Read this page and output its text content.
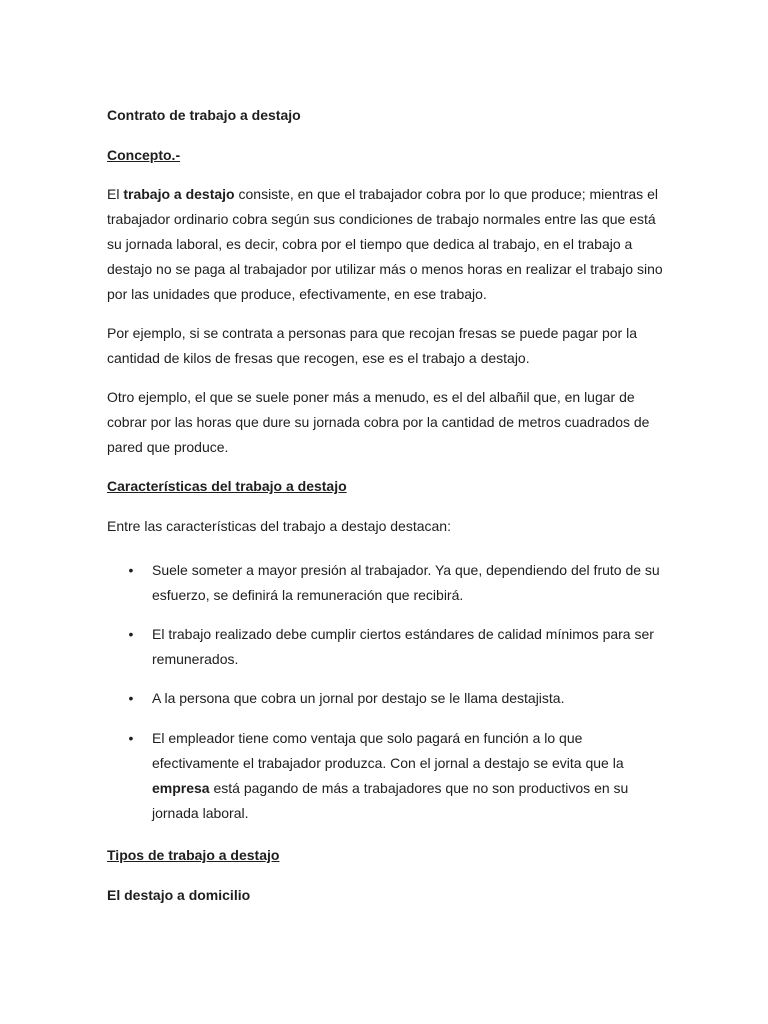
Contrato de trabajo a destajo
Concepto.-

El trabajo a destajo consiste, en que el trabajador cobra por lo que produce; mientras el trabajador ordinario cobra según sus condiciones de trabajo normales entre las que está su jornada laboral, es decir, cobra por el tiempo que dedica al trabajo, en el trabajo a destajo no se paga al trabajador por utilizar más o menos horas en realizar el trabajo sino por las unidades que produce, efectivamente, en ese trabajo.

Por ejemplo, si se contrata a personas para que recojan fresas se puede pagar por la cantidad de kilos de fresas que recogen, ese es el trabajo a destajo.

Otro ejemplo, el que se suele poner más a menudo, es el del albañil que, en lugar de cobrar por las horas que dure su jornada cobra por la cantidad de metros cuadrados de pared que produce.

Características del trabajo a destajo

Entre las características del trabajo a destajo destacan:

• Suele someter a mayor presión al trabajador. Ya que, dependiendo del fruto de su esfuerzo, se definirá la remuneración que recibirá.

• El trabajo realizado debe cumplir ciertos estándares de calidad mínimos para ser remunerados.

• A la persona que cobra un jornal por destajo se le llama destajista.

• El empleador tiene como ventaja que solo pagará en función a lo que efectivamente el trabajador produzca. Con el jornal a destajo se evita que la empresa está pagando de más a trabajadores que no son productivos en su jornada laboral.

Tipos de trabajo a destajo
El destajo a domicilio
